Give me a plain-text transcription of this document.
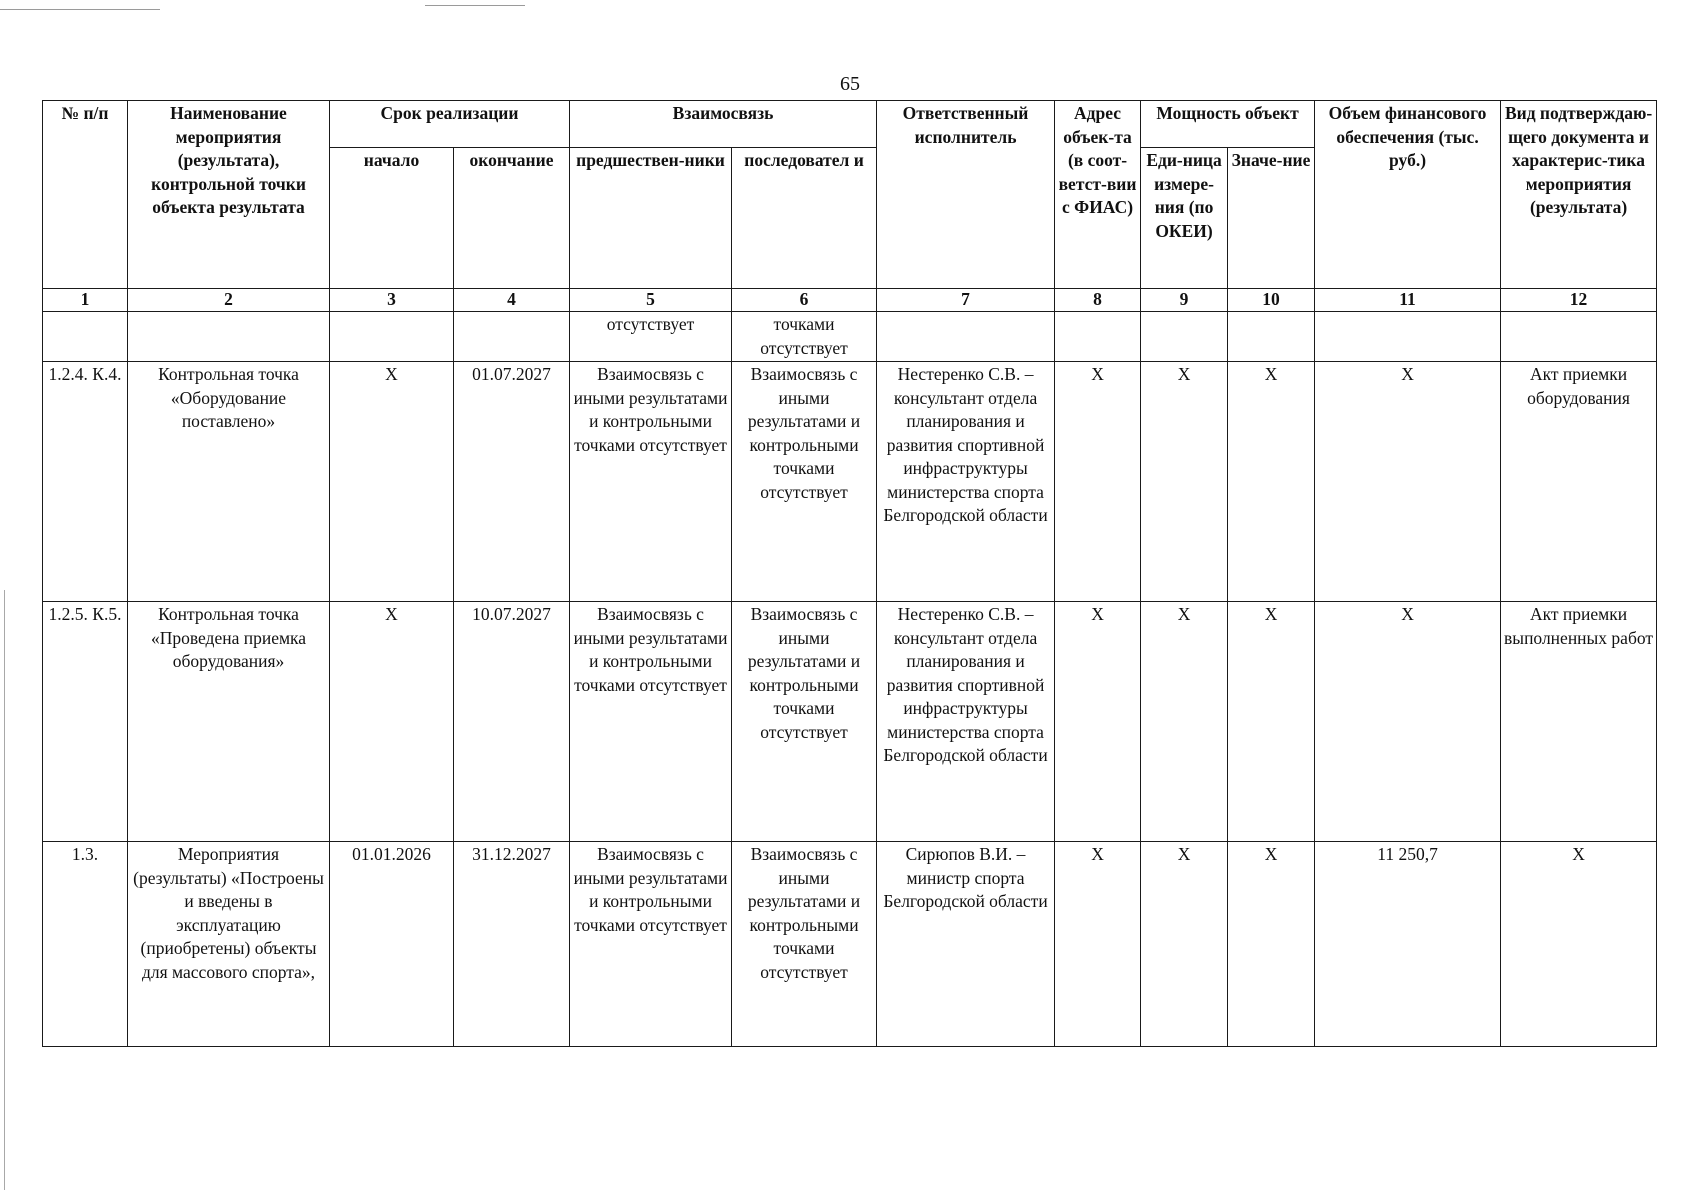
65
№ п/п	Наименование мероприятия (результата), контрольной точки объекта результата	Срок реализации		Взаимосвязь		Ответственный исполнитель	Адрес объек-та (в соот-ветст-вии с ФИАС)	Мощность объект		Объем финансового обеспечения (тыс. руб.)	Вид подтверждаю-щего документа и характерис-тика мероприятия (результата)
		начало	окончание	предшествен-ники	последовател и			Еди-ница измере-ния (по ОКЕИ)	Значе-ние		
1	2	3	4	5	6	7	8	9	10	11	12
				отсутствует	точками отсутствует						
1.2.4. К.4.	Контрольная точка «Оборудование поставлено»	X	01.07.2027	Взаимосвязь с иными результатами и контрольными точками отсутствует	Взаимосвязь с иными результатами и контрольными точками отсутствует	Нестеренко С.В. – консультант отдела планирования и развития спортивной инфраструктуры министерства спорта Белгородской области	X	X	X	X	Акт приемки оборудования
1.2.5. К.5.	Контрольная точка «Проведена приемка оборудования»	X	10.07.2027	Взаимосвязь с иными результатами и контрольными точками отсутствует	Взаимосвязь с иными результатами и контрольными точками отсутствует	Нестеренко С.В. – консультант отдела планирования и развития спортивной инфраструктуры министерства спорта Белгородской области	X	X	X	X	Акт приемки выполненных работ
1.3.	Мероприятия (результаты) «Построены и введены в эксплуатацию (приобретены) объекты для массового спорта»,	01.01.2026	31.12.2027	Взаимосвязь с иными результатами и контрольными точками отсутствует	Взаимосвязь с иными результатами и контрольными точками отсутствует	Сирюпов В.И. – министр спорта Белгородской области	X	X	X	11 250,7	X
